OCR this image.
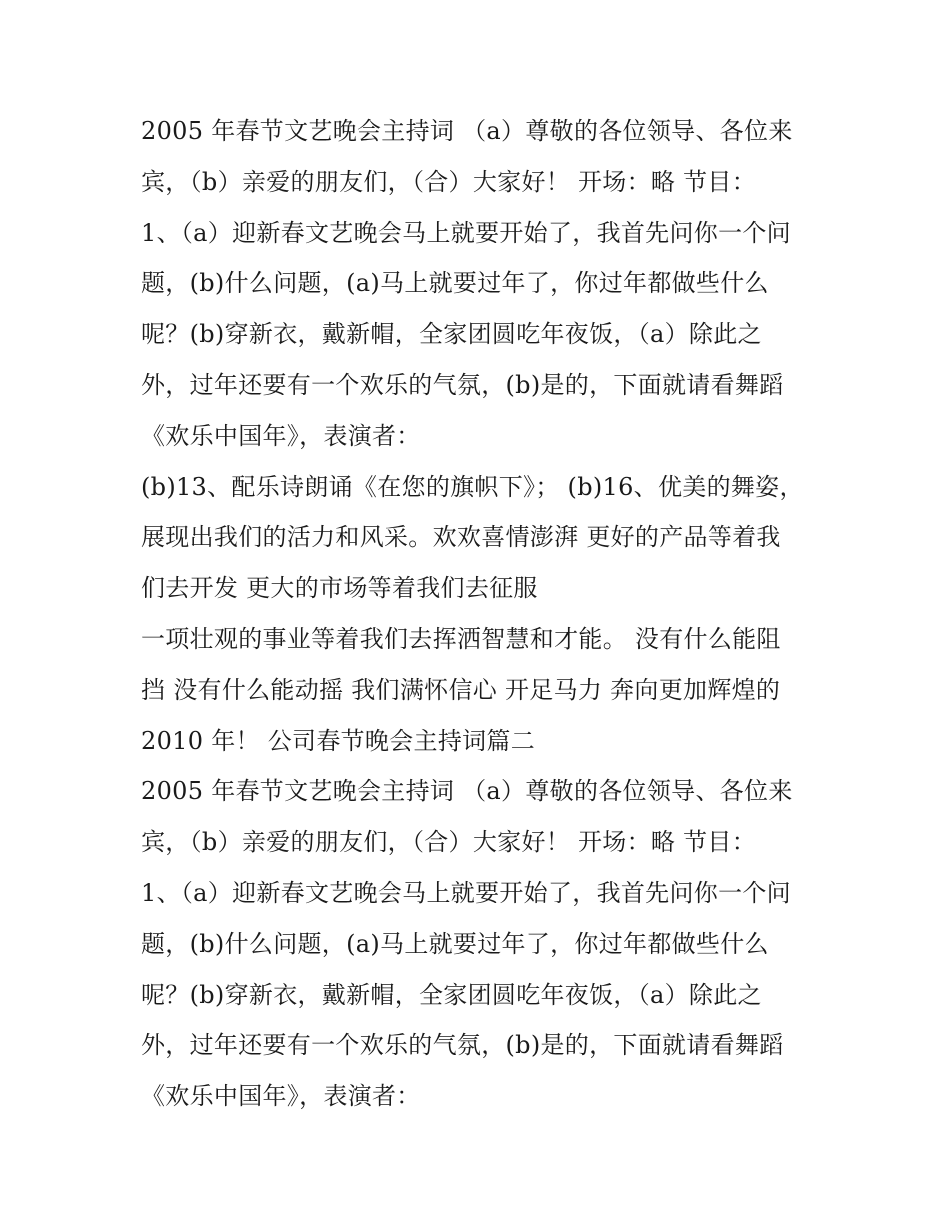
2005 年春节文艺晚会主持词 （a）尊敬的各位领导、各位来
宾，（b）亲爱的朋友们，（合）大家好！ 开场：略 节目：
1、（a）迎新春文艺晚会马上就要开始了，我首先问你一个问
题，(b)什么问题，(a)马上就要过年了，你过年都做些什么
呢？(b)穿新衣，戴新帽，全家团圆吃年夜饭，（a）除此之
外，过年还要有一个欢乐的气氛，(b)是的，下面就请看舞蹈
《欢乐中国年》，表演者：
(b)13、配乐诗朗诵《在您的旗帜下》； (b)16、优美的舞姿，
展现出我们的活力和风采。欢欢喜情澎湃 更好的产品等着我
们去开发 更大的市场等着我们去征服
一项壮观的事业等着我们去挥洒智慧和才能。 没有什么能阻
挡 没有什么能动摇 我们满怀信心 开足马力 奔向更加辉煌的
2010 年！ 公司春节晚会主持词篇二
2005 年春节文艺晚会主持词 （a）尊敬的各位领导、各位来
宾，（b）亲爱的朋友们，（合）大家好！ 开场：略 节目：
1、（a）迎新春文艺晚会马上就要开始了，我首先问你一个问
题，(b)什么问题，(a)马上就要过年了，你过年都做些什么
呢？(b)穿新衣，戴新帽，全家团圆吃年夜饭，（a）除此之
外，过年还要有一个欢乐的气氛，(b)是的，下面就请看舞蹈
《欢乐中国年》，表演者：
